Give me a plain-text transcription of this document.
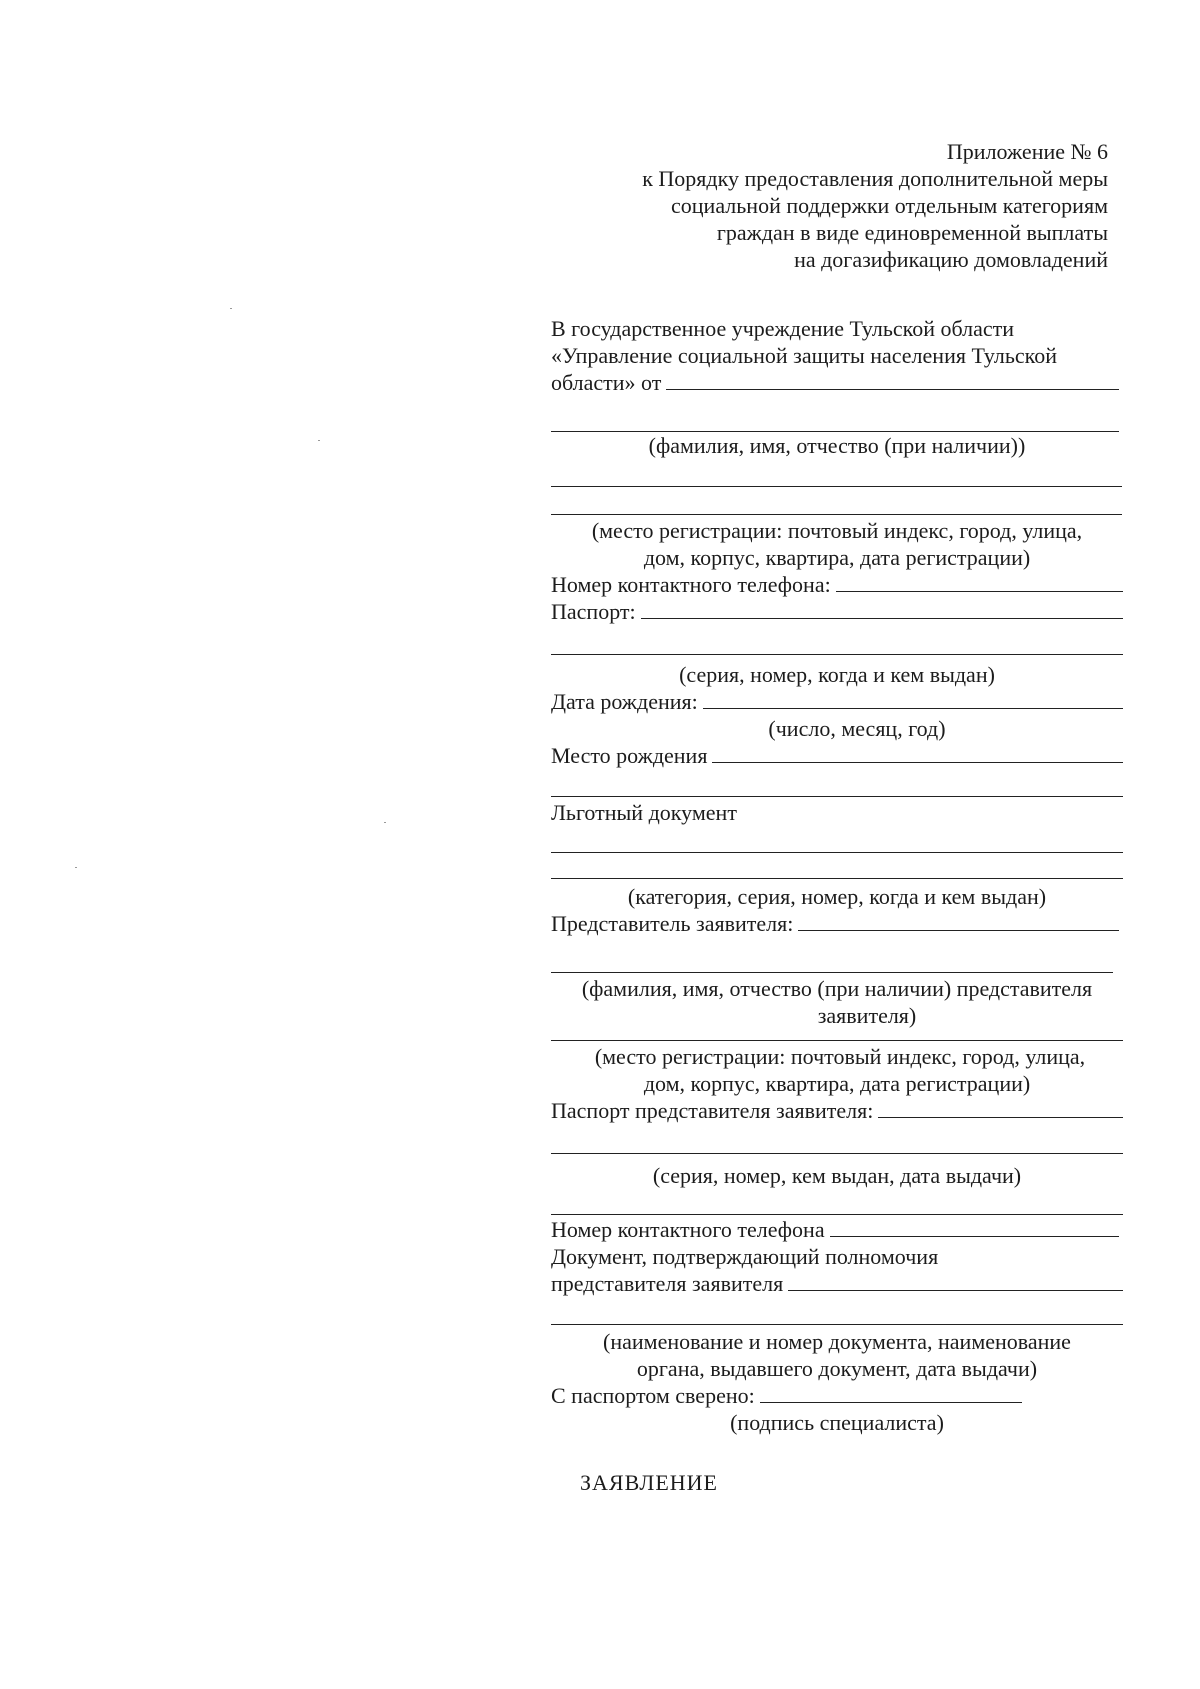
Приложение № 6
к Порядку предоставления дополнительной меры
социальной поддержки отдельным категориям
граждан в виде единовременной выплаты
на догазификацию домовладений
В государственное учреждение Тульской области
«Управление социальной защиты населения Тульской
области» от
(фамилия, имя, отчество (при наличии))
(место регистрации: почтовый индекс, город, улица,
дом, корпус, квартира, дата регистрации)
Номер контактного телефона:
Паспорт:
(серия, номер, когда и кем выдан)
Дата рождения:
(число, месяц, год)
Место рождения
Льготный документ
(категория, серия, номер, когда и кем выдан)
Представитель заявителя:
(фамилия, имя, отчество (при наличии) представителя
заявителя)
(место регистрации: почтовый индекс, город, улица,
дом, корпус, квартира, дата регистрации)
Паспорт представителя заявителя:
(серия, номер, кем выдан, дата выдачи)
Номер контактного телефона
Документ, подтверждающий полномочия
представителя заявителя
(наименование и номер документа, наименование
органа, выдавшего документ, дата выдачи)
С паспортом сверено:
(подпись специалиста)
ЗАЯВЛЕНИЕ
